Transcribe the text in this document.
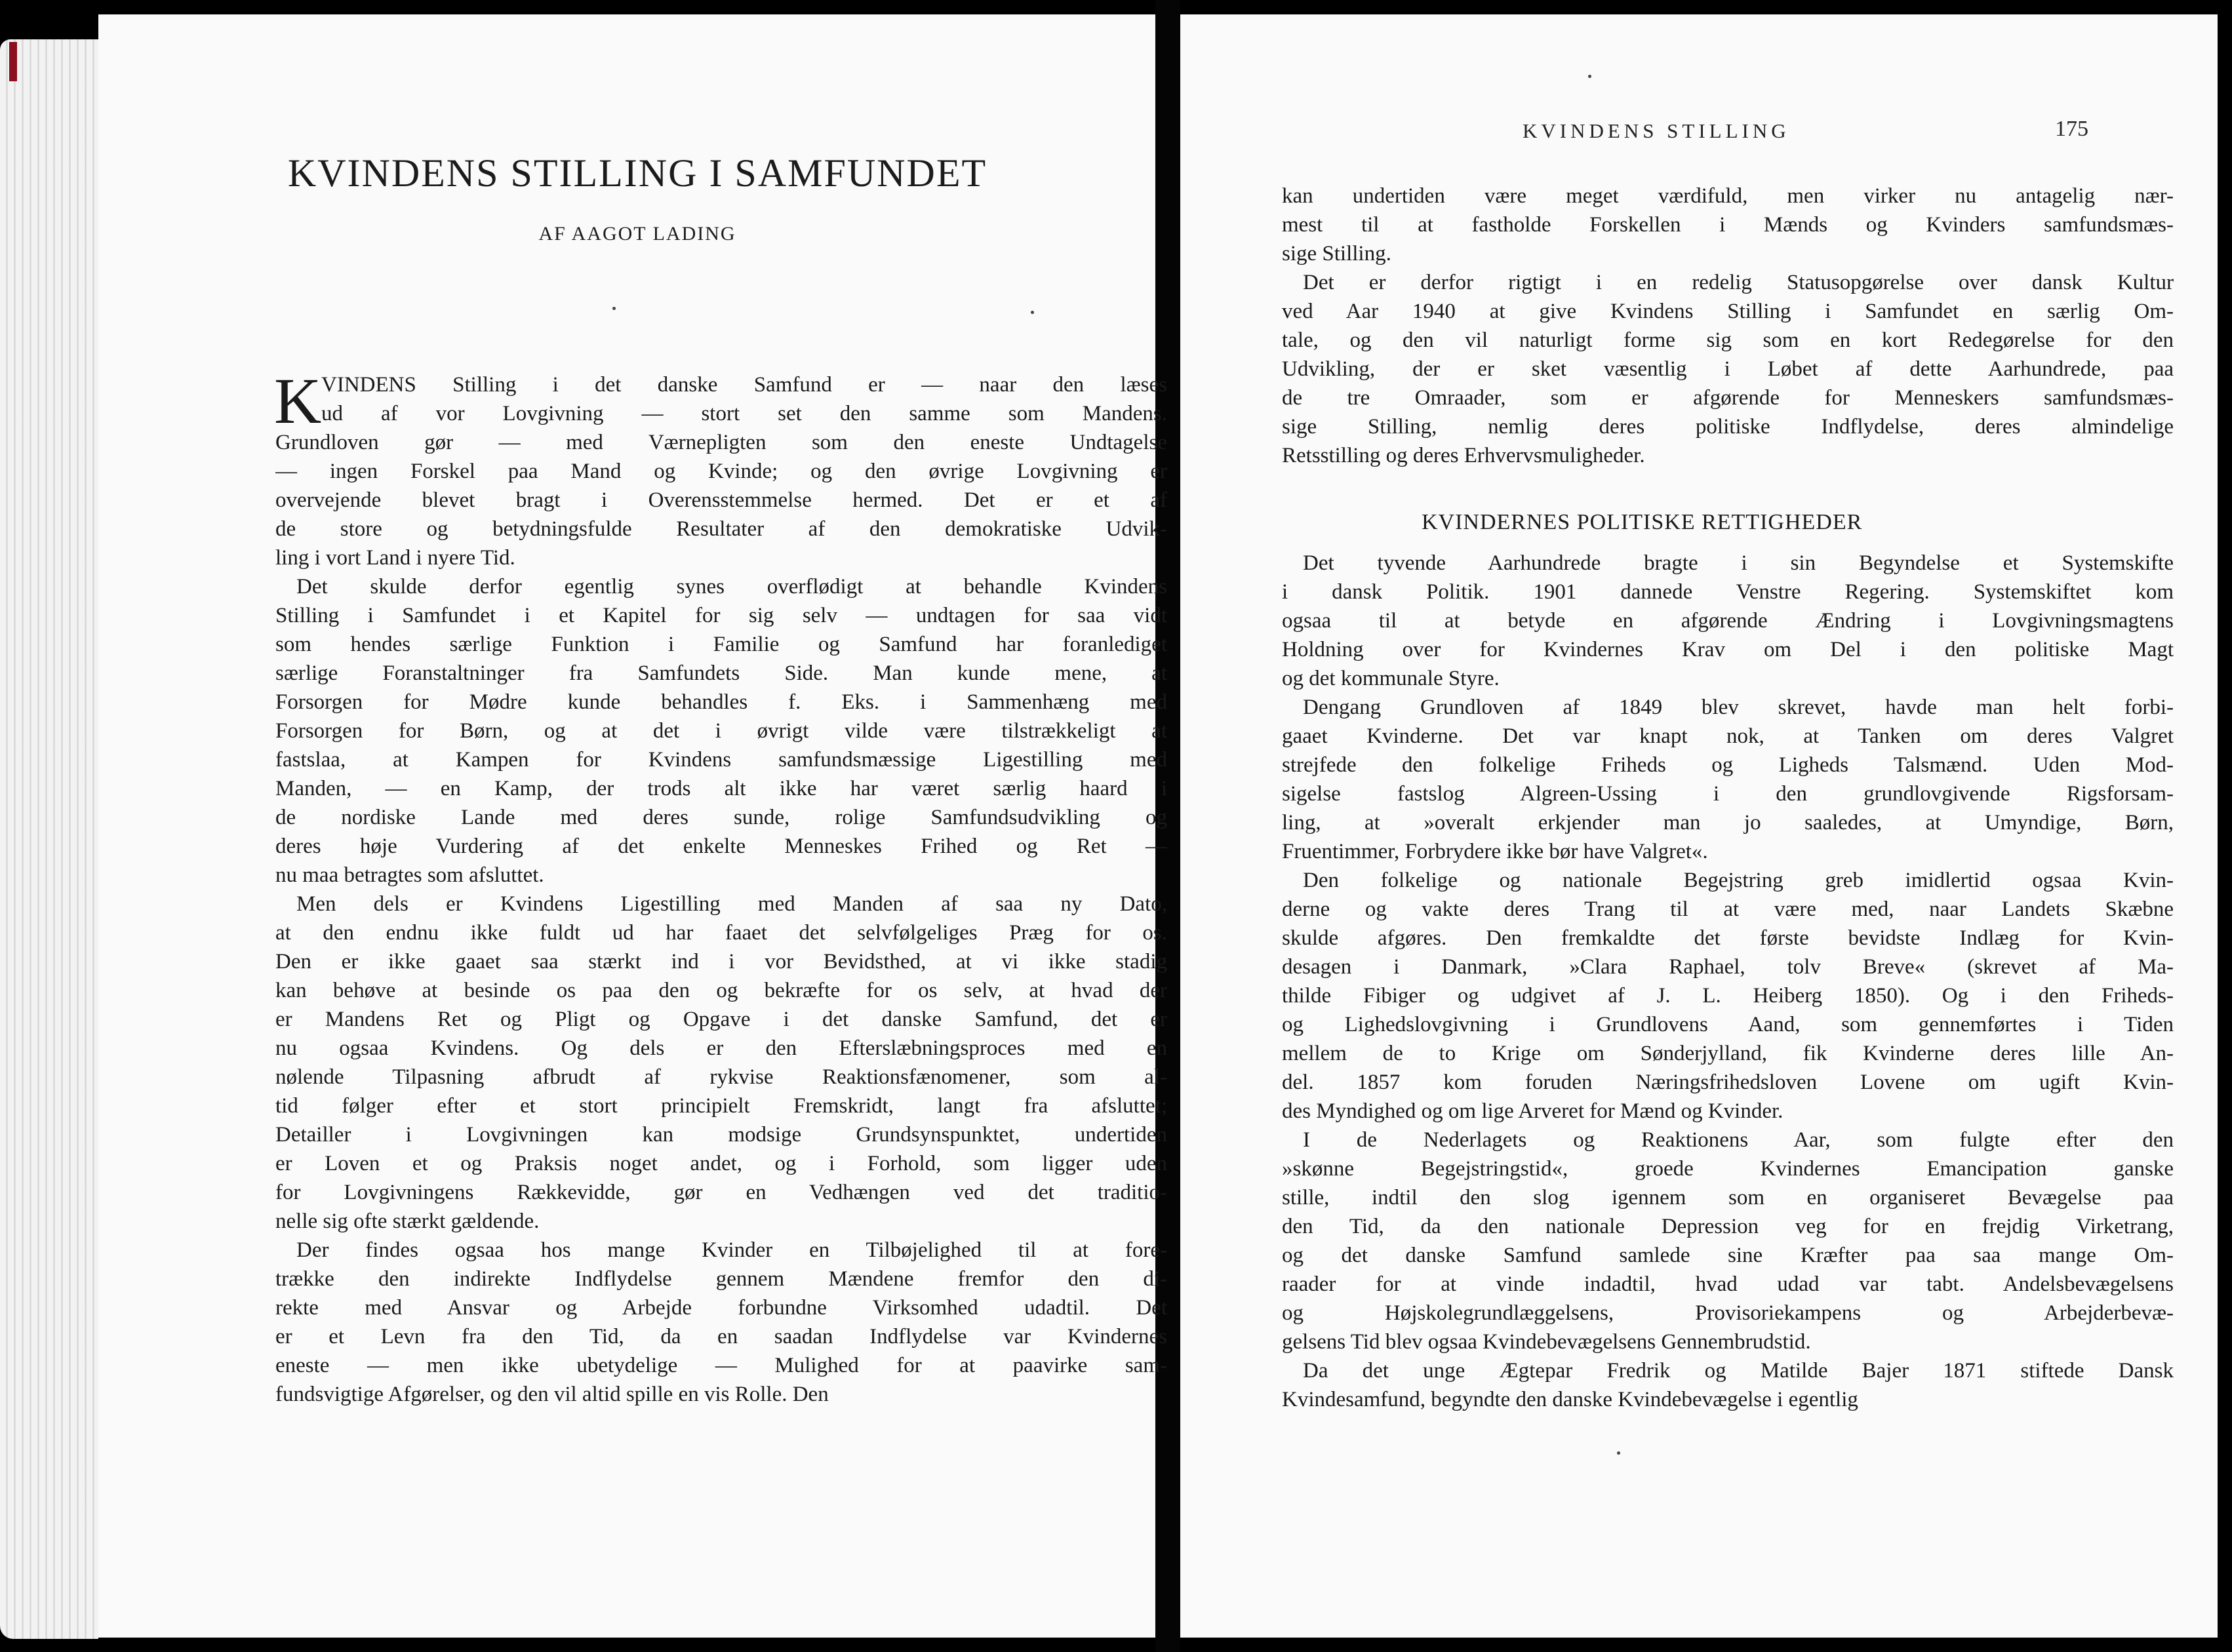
KVINDENS STILLING I SAMFUNDET
AF AAGOT LADING
K VINDENS Stilling i det danske Samfund er — naar den læses
ud af vor Lovgivning — stort set den samme som Mandens.
Grundloven gør — med Værnepligten som den eneste Undtagelse
— ingen Forskel paa Mand og Kvinde; og den øvrige Lovgivning er
overvejende blevet bragt i Overensstemmelse hermed. Det er et af
de store og betydningsfulde Resultater af den demokratiske Udvik-
ling i vort Land i nyere Tid.
Det skulde derfor egentlig synes overflødigt at behandle Kvindens
Stilling i Samfundet i et Kapitel for sig selv — undtagen for saa vidt
som hendes særlige Funktion i Familie og Samfund har foranlediget
særlige Foranstaltninger fra Samfundets Side. Man kunde mene, at
Forsorgen for Mødre kunde behandles f. Eks. i Sammenhæng med
Forsorgen for Børn, og at det i øvrigt vilde være tilstrækkeligt at
fastslaa, at Kampen for Kvindens samfundsmæssige Ligestilling med
Manden, — en Kamp, der trods alt ikke har været særlig haard i
de nordiske Lande med deres sunde, rolige Samfundsudvikling og
deres høje Vurdering af det enkelte Menneskes Frihed og Ret —
nu maa betragtes som afsluttet.
Men dels er Kvindens Ligestilling med Manden af saa ny Dato,
at den endnu ikke fuldt ud har faaet det selvfølgeliges Præg for os.
Den er ikke gaaet saa stærkt ind i vor Bevidsthed, at vi ikke stadig
kan behøve at besinde os paa den og bekræfte for os selv, at hvad der
er Mandens Ret og Pligt og Opgave i det danske Samfund, det er
nu ogsaa Kvindens. Og dels er den Efterslæbningsproces med en
nølende Tilpasning afbrudt af rykvise Reaktionsfænomener, som al-
tid følger efter et stort principielt Fremskridt, langt fra afsluttet;
Detailler i Lovgivningen kan modsige Grundsynspunktet, undertiden
er Loven et og Praksis noget andet, og i Forhold, som ligger uden
for Lovgivningens Rækkevidde, gør en Vedhængen ved det traditio-
nelle sig ofte stærkt gældende.
Der findes ogsaa hos mange Kvinder en Tilbøjelighed til at fore-
trække den indirekte Indflydelse gennem Mændene fremfor den di-
rekte med Ansvar og Arbejde forbundne Virksomhed udadtil. Det
er et Levn fra den Tid, da en saadan Indflydelse var Kvindernes
eneste — men ikke ubetydelige — Mulighed for at paavirke sam-
fundsvigtige Afgørelser, og den vil altid spille en vis Rolle. Den
KVINDENS STILLING	175
kan undertiden være meget værdifuld, men virker nu antagelig nær-
mest til at fastholde Forskellen i Mænds og Kvinders samfundsmæs-
sige Stilling.
Det er derfor rigtigt i en redelig Statusopgørelse over dansk Kultur
ved Aar 1940 at give Kvindens Stilling i Samfundet en særlig Om-
tale, og den vil naturligt forme sig som en kort Redegørelse for den
Udvikling, der er sket væsentlig i Løbet af dette Aarhundrede, paa
de tre Omraader, som er afgørende for Menneskers samfundsmæs-
sige Stilling, nemlig deres politiske Indflydelse, deres almindelige
Retsstilling og deres Erhvervsmuligheder.
KVINDERNES POLITISKE RETTIGHEDER
Det tyvende Aarhundrede bragte i sin Begyndelse et Systemskifte
i dansk Politik. 1901 dannede Venstre Regering. Systemskiftet kom
ogsaa til at betyde en afgørende Ændring i Lovgivningsmagtens
Holdning over for Kvindernes Krav om Del i den politiske Magt
og det kommunale Styre.
Dengang Grundloven af 1849 blev skrevet, havde man helt forbi-
gaaet Kvinderne. Det var knapt nok, at Tanken om deres Valgret
strejfede den folkelige Friheds og Ligheds Talsmænd. Uden Mod-
sigelse fastslog Algreen-Ussing i den grundlovgivende Rigsforsam-
ling, at »overalt erkjender man jo saaledes, at Umyndige, Børn,
Fruentimmer, Forbrydere ikke bør have Valgret«.
Den folkelige og nationale Begejstring greb imidlertid ogsaa Kvin-
derne og vakte deres Trang til at være med, naar Landets Skæbne
skulde afgøres. Den fremkaldte det første bevidste Indlæg for Kvin-
desagen i Danmark, »Clara Raphael, tolv Breve« (skrevet af Ma-
thilde Fibiger og udgivet af J. L. Heiberg 1850). Og i den Friheds-
og Lighedslovgivning i Grundlovens Aand, som gennemførtes i Tiden
mellem de to Krige om Sønderjylland, fik Kvinderne deres lille An-
del. 1857 kom foruden Næringsfrihedsloven Lovene om ugift Kvin-
des Myndighed og om lige Arveret for Mænd og Kvinder.
I de Nederlagets og Reaktionens Aar, som fulgte efter den
»skønne Begejstringstid«, groede Kvindernes Emancipation ganske
stille, indtil den slog igennem som en organiseret Bevægelse paa
den Tid, da den nationale Depression veg for en frejdig Virketrang,
og det danske Samfund samlede sine Kræfter paa saa mange Om-
raader for at vinde indadtil, hvad udad var tabt. Andelsbevægelsens
og Højskolegrundlæggelsens, Provisoriekampens og Arbejderbevæ-
gelsens Tid blev ogsaa Kvindebevægelsens Gennembrudstid.
Da det unge Ægtepar Fredrik og Matilde Bajer 1871 stiftede Dansk
Kvindesamfund, begyndte den danske Kvindebevægelse i egentlig
